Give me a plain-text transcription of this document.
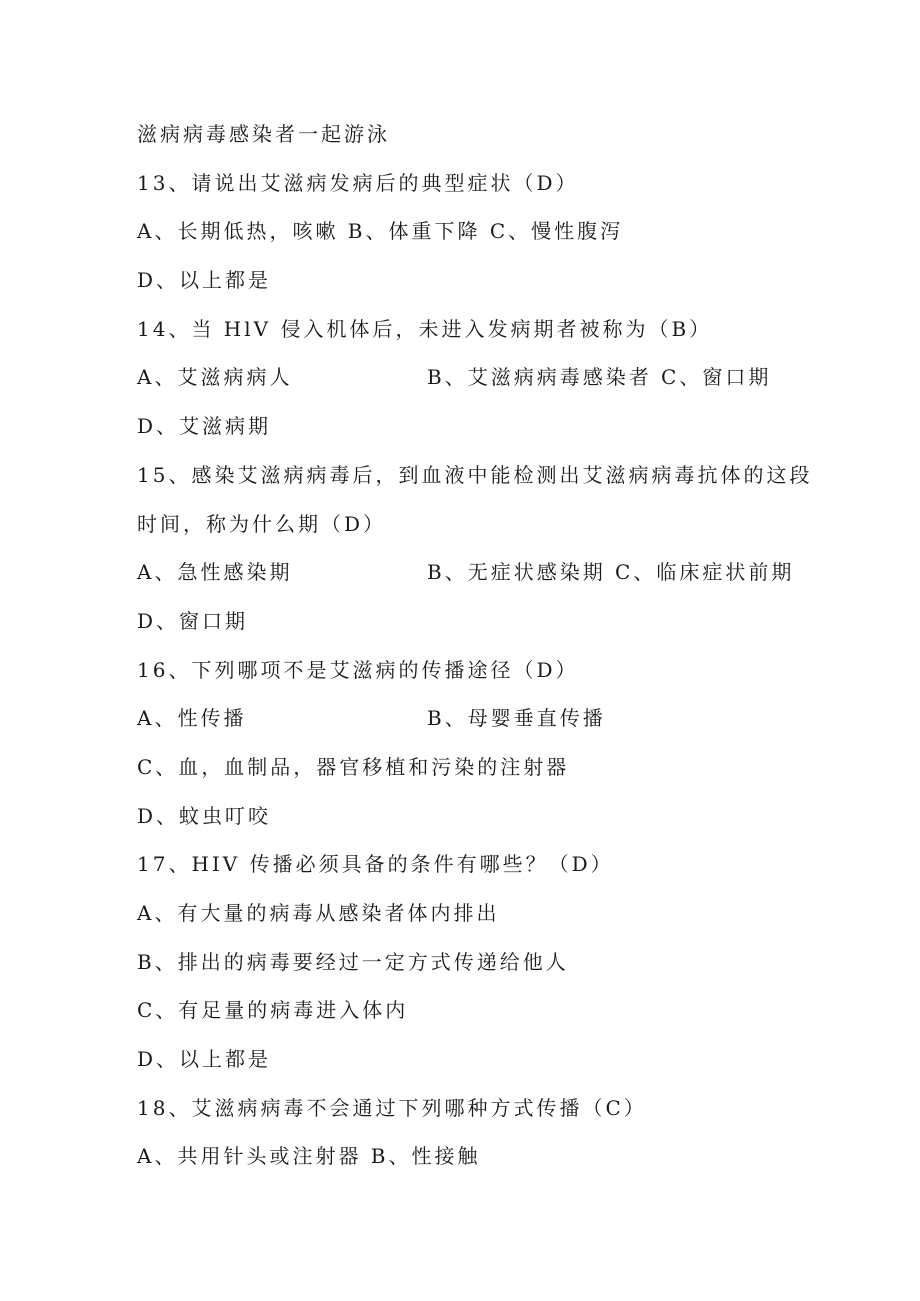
滋病病毒感染者一起游泳
13、请说出艾滋病发病后的典型症状（D）
A、长期低热，咳嗽 B、体重下降 C、慢性腹泻
D、以上都是
14、当 HlV 侵入机体后，未进入发病期者被称为（B）
A、艾滋病病人	B、艾滋病病毒感染者 C、窗口期
D、艾滋病期
15、感染艾滋病病毒后，到血液中能检测出艾滋病病毒抗体的这段
时间，称为什么期（D）
A、急性感染期	B、无症状感染期 C、临床症状前期
D、窗口期
16、下列哪项不是艾滋病的传播途径（D）
A、性传播	B、母婴垂直传播
C、血，血制品，器官移植和污染的注射器
D、蚊虫叮咬
17、HIV 传播必须具备的条件有哪些？（D）
A、有大量的病毒从感染者体内排出
B、排出的病毒要经过一定方式传递给他人
C、有足量的病毒进入体内
D、以上都是
18、艾滋病病毒不会通过下列哪种方式传播（C）
A、共用针头或注射器 B、性接触
